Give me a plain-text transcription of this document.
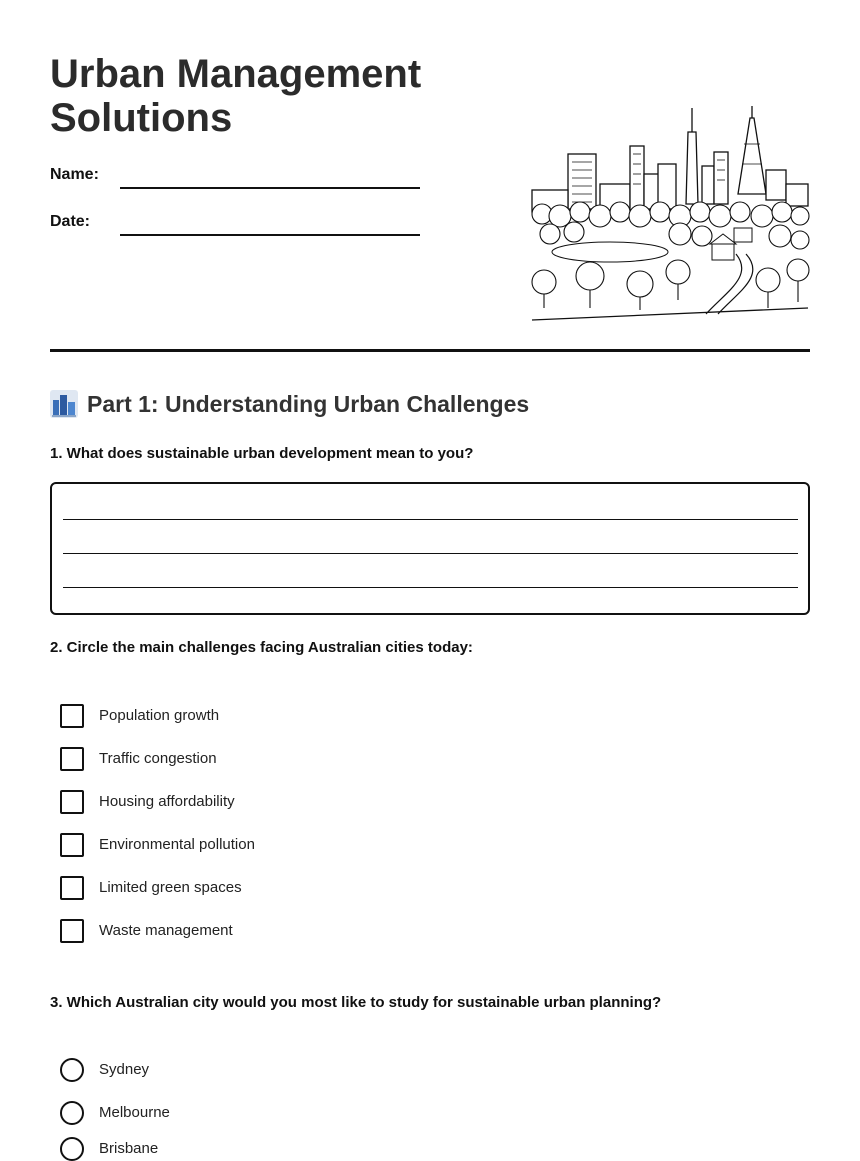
Urban Management
Solutions
Name:
Date:
Part 1: Understanding Urban Challenges
1. What does sustainable urban development mean to you?
2. Circle the main challenges facing Australian cities today:
Population growth
Traffic congestion
Housing affordability
Environmental pollution
Limited green spaces
Waste management
3. Which Australian city would you most like to study for sustainable urban planning?
Sydney
Melbourne
Brisbane
